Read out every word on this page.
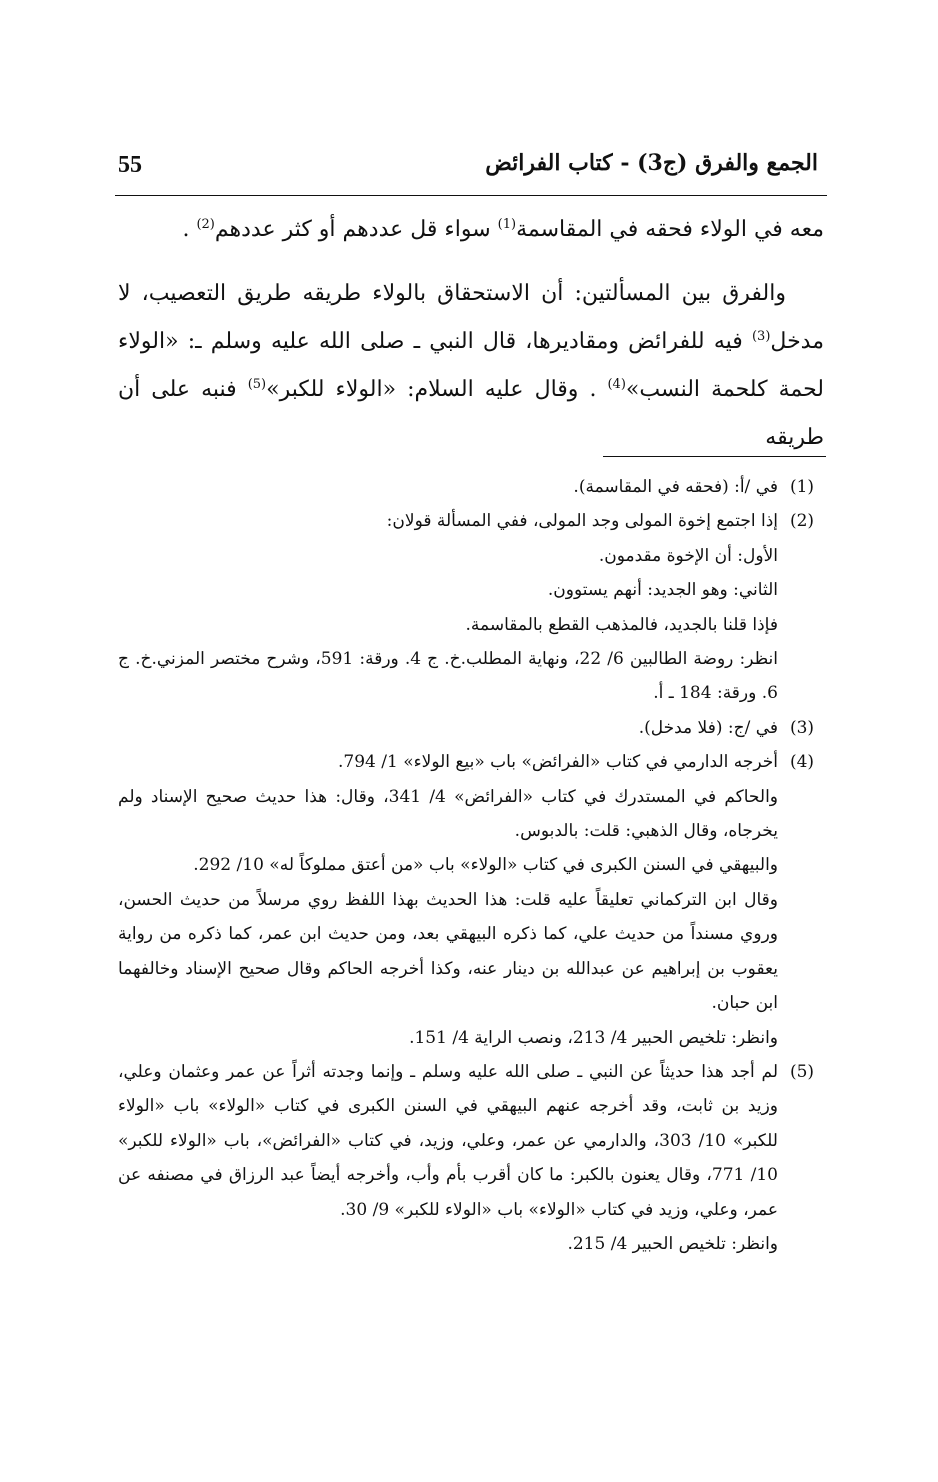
55	الجمع والفرق (ج3) - كتاب الفرائض

معه في الولاء فحقه في المقاسمة$^{(1)}$ سواء قل عددهم أو كثر عددهم$^{(2)}$ .

والفرق بين المسألتين: أن الاستحقاق بالولاء طريقه طريق التعصيب، لا مدخل$^{(3)}$ فيه للفرائض ومقاديرها، قال النبي ـ صلى الله عليه وسلم ـ: «الولاء لحمة كلحمة النسب»$^{(4)}$ . وقال عليه السلام: «الولاء للكبر»$^{(5)}$ فنبه على أن طريقه

(1)
في /أ: (فحقه في المقاسمة).
(2)
إذا اجتمع إخوة المولى وجد المولى، ففي المسألة قولان:
الأول: أن الإخوة مقدمون.
الثاني: وهو الجديد: أنهم يستوون.
فإذا قلنا بالجديد، فالمذهب القطع بالمقاسمة.
انظر: روضة الطالبين 6/ 22، ونهاية المطلب.خ. ج 4. ورقة: 591، وشرح مختصر المزني.خ. ج 6. ورقة: 184 ـ أ.
(3)
في /ج: (فلا مدخل).
(4)
أخرجه الدارمي في كتاب «الفرائض» باب «بيع الولاء» 1/ 794.
والحاكم في المستدرك في كتاب «الفرائض» 4/ 341، وقال: هذا حديث صحيح الإسناد ولم يخرجاه، وقال الذهبي: قلت: بالدبوس.
والبيهقي في السنن الكبرى في كتاب «الولاء» باب «من أعتق مملوكاً له» 10/ 292.
وقال ابن التركماني تعليقاً عليه قلت: هذا الحديث بهذا اللفظ روي مرسلاً من حديث الحسن، وروي مسنداً من حديث علي، كما ذكره البيهقي بعد، ومن حديث ابن عمر، كما ذكره من رواية يعقوب بن إبراهيم عن عبدالله بن دينار عنه، وكذا أخرجه الحاكم وقال صحيح الإسناد وخالفهما ابن حبان.
وانظر: تلخيص الحبير 4/ 213، ونصب الراية 4/ 151.
(5)
لم أجد هذا حديثاً عن النبي ـ صلى الله عليه وسلم ـ وإنما وجدته أثراً عن عمر وعثمان وعلي، وزيد بن ثابت، وقد أخرجه عنهم البيهقي في السنن الكبرى في كتاب «الولاء» باب «الولاء للكبر» 10/ 303، والدارمي عن عمر، وعلي، وزيد، في كتاب «الفرائض»، باب «الولاء للكبر» 10/ 771، وقال يعنون بالكبر: ما كان أقرب بأم وأب، وأخرجه أيضاً عبد الرزاق في مصنفه عن عمر، وعلي، وزيد في كتاب «الولاء» باب «الولاء للكبر» 9/ 30.
وانظر: تلخيص الحبير 4/ 215.
